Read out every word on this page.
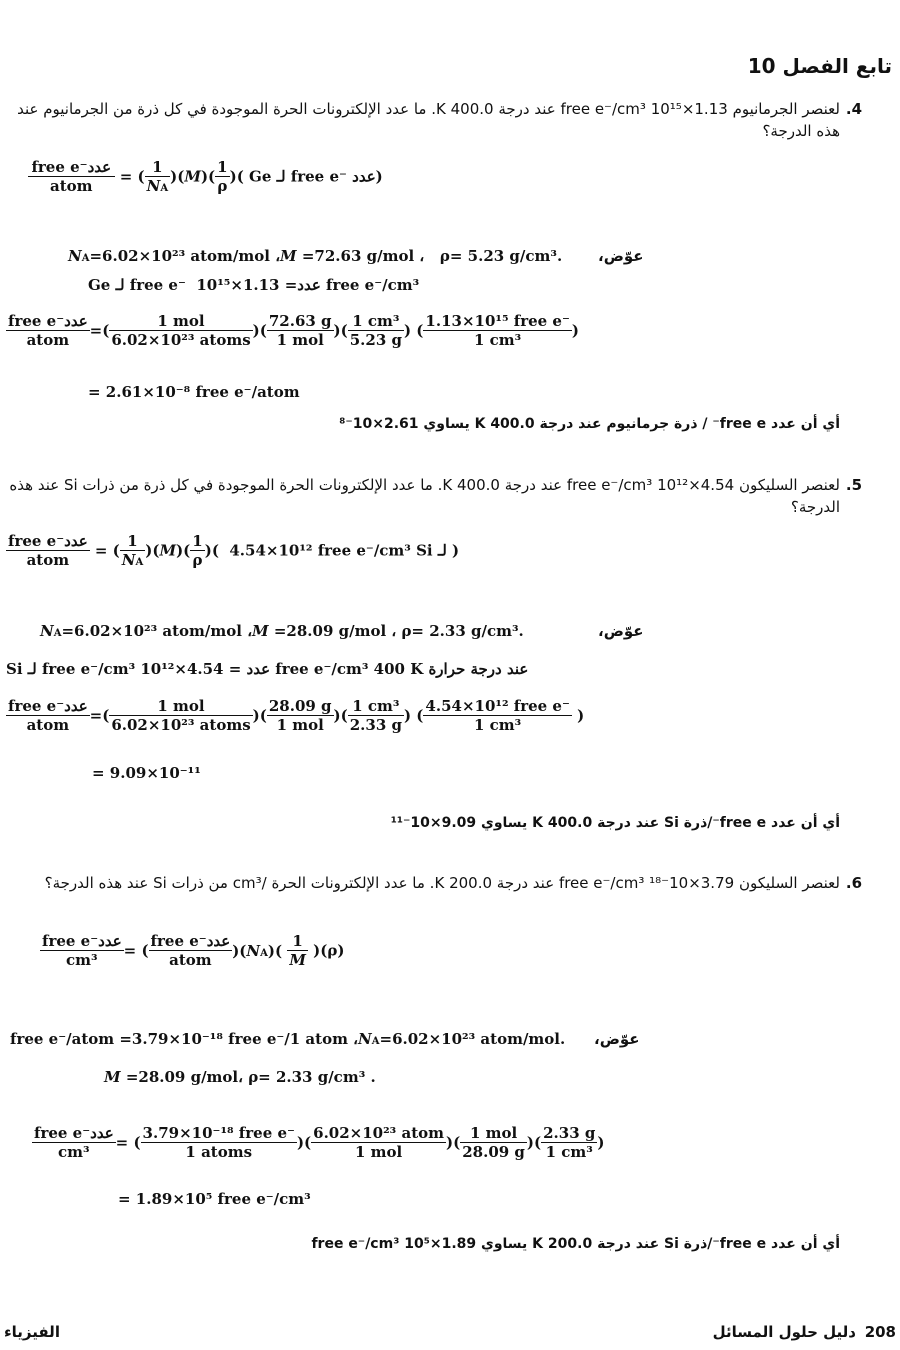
تابع الفصل 10
4.
لعنصر الجرمانيوم 1.13×10¹⁵ free e⁻/cm³ عند درجة 400.0 K. ما عدد الإلكترونات الحرة الموجودة في كل ذرة من الجرمانيوم عند هذه الدرجة؟
$\frac{\text{free e⁻عدد}}{\text{atom}}$ = ( $\frac{1}{NA} )(M)( \frac{1}{\rho}$ )( Ge لـ free e⁻ عدد)
عوّض،
NA=6.02×10²³ atom/mol ،M =72.63 g/mol ،   ρ= 5.23 g/cm³.
Ge لـ free e⁻  عدد= 1.13×10¹⁵ free e⁻/cm³
$\frac{\text{free e⁻عدد}}{\text{atom}}$ =( $\frac{\text{1 mol}}{\text{6.02×10²³ atoms}}$ )( $\frac{72.63 g}{\text{1 mol}}$ )( $\frac{\text{1 cm³}}{5.23 g}$ ) ( $\frac{\text{1.13×10¹⁵ free e⁻}}{\text{1 cm³}}$ )
= 2.61×10⁻⁸ free e⁻/atom
أي أن عدد free e⁻ / ذرة جرمانيوم عند درجة 400.0 K يساوي 2.61×10⁻⁸
5.
لعنصر السليكون 4.54×10¹² free e⁻/cm³ عند درجة 400.0 K. ما عدد الإلكترونات الحرة الموجودة في كل ذرة من ذرات Si عند هذه الدرجة؟
$\frac{\text{free e⁻عدد}}{\text{atom}}$ = ( $\frac{1}{NA} )(M)( \frac{1}{\rho}$ )(  4.54×10¹² free e⁻/cm³ Si لـ )
عوّض،
NA=6.02×10²³ atom/mol ،M =28.09 g/mol ، ρ= 2.33 g/cm³.
Si لـ free e⁻/cm³ عدد = 4.54×10¹² free e⁻/cm³ 400 K عند درجة حرارة
$\frac{\text{free e⁻عدد}}{\text{atom}}$ =( $\frac{\text{1 mol}}{\text{6.02×10²³ atoms}}$ )( $\frac{28.09 g}{\text{1 mol}}$ )( $\frac{\text{1 cm³}}{2.33 g}$ ) ( $\frac{\text{4.54×10¹² free e⁻}}{\text{1 cm³}}$ )
= 9.09×10⁻¹¹
أي أن عدد free e⁻/ذرة Si عند درجة 400.0 K يساوي 9.09×10⁻¹¹
6.
لعنصر السليكون 3.79×10⁻¹⁸ free e⁻/cm³ عند درجة 200.0 K. ما عدد الإلكترونات الحرة /cm³ من ذرات Si عند هذه الدرجة؟
$\frac{\text{free e⁻عدد}}{\text{cm³}}$ = ( $\frac{\text{free e⁻عدد}}{\text{atom}} )(NA)( \frac{1}{M} )(\rho)$
عوّض،
free e⁻/atom =3.79×10⁻¹⁸ free e⁻/1 atom ،NA=6.02×10²³ atom/mol.
M =28.09 g/mol، ρ= 2.33 g/cm³ .
$\frac{\text{free e⁻عدد}}{\text{cm³}}$ = ( $\frac{\text{3.79×10⁻¹⁸ free e⁻}}{\text{1 atoms}}$ )( $\frac{\text{6.02×10²³ atom}}{\text{1 mol}}$ )( $\frac{\text{1 mol}}{28.09 g}$ )( $\frac{2.33 g}{\text{1 cm³}}$ )
= 1.89×10⁵ free e⁻/cm³
أي أن عدد free e⁻/ذرة Si عند درجة 200.0 K يساوي 1.89×10⁵ free e⁻/cm³
208
دليل حلول المسائل
الفيزياء
